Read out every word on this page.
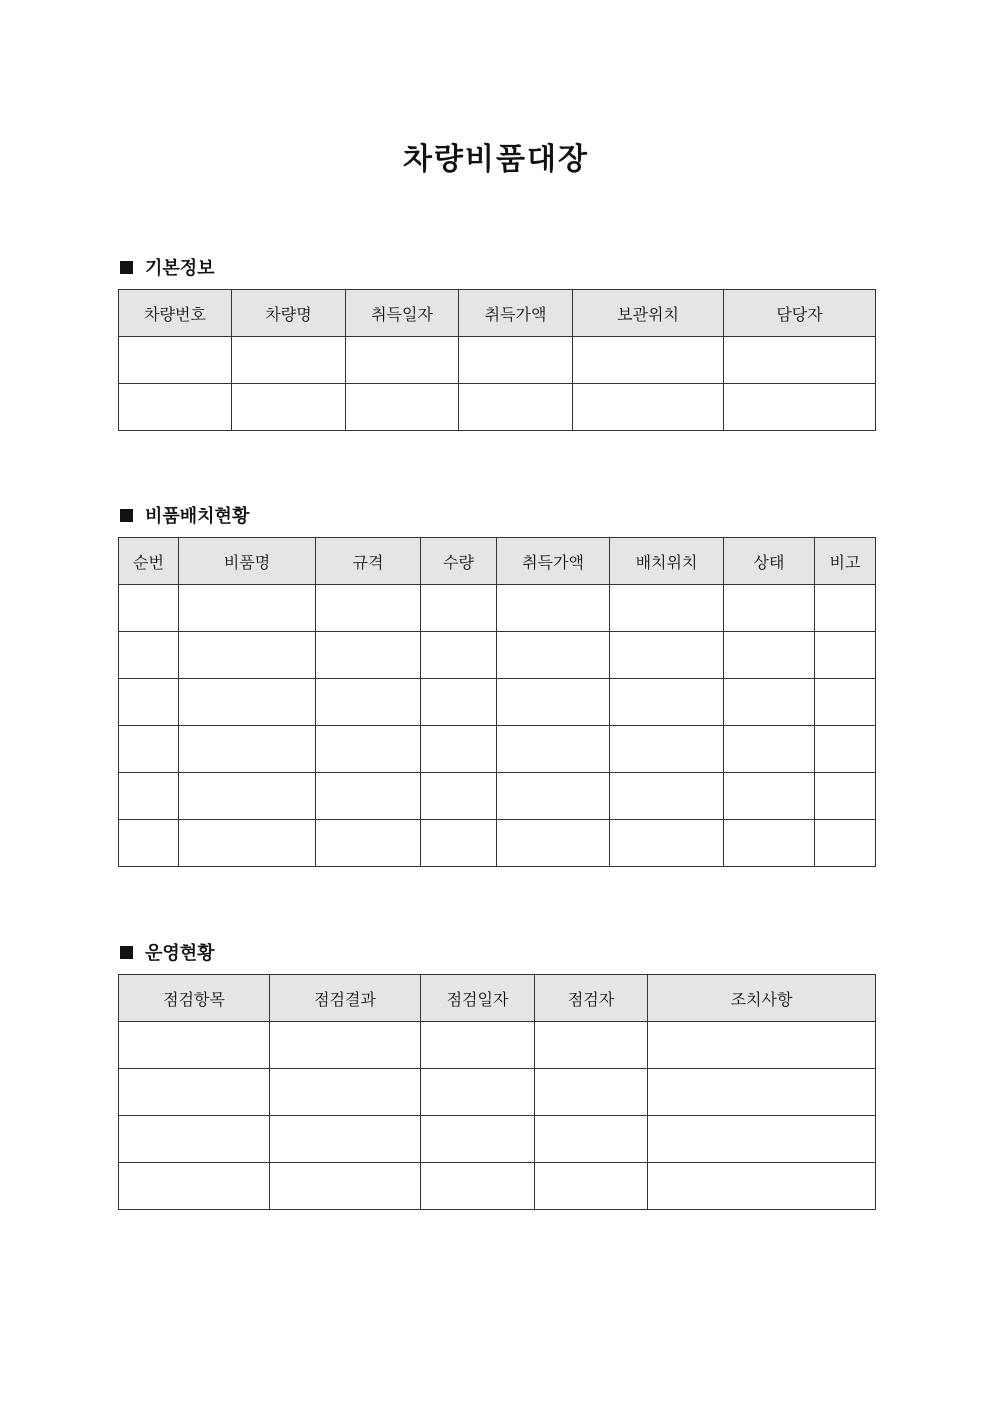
차량비품대장
기본정보
차량번호	차량명	취득일자	취득가액	보관위치	담당자

비품배치현황
순번	비품명	규격	수량	취득가액	배치위치	상태	비고

운영현황
점검항목	점검결과	점검일자	점검자	조치사항
